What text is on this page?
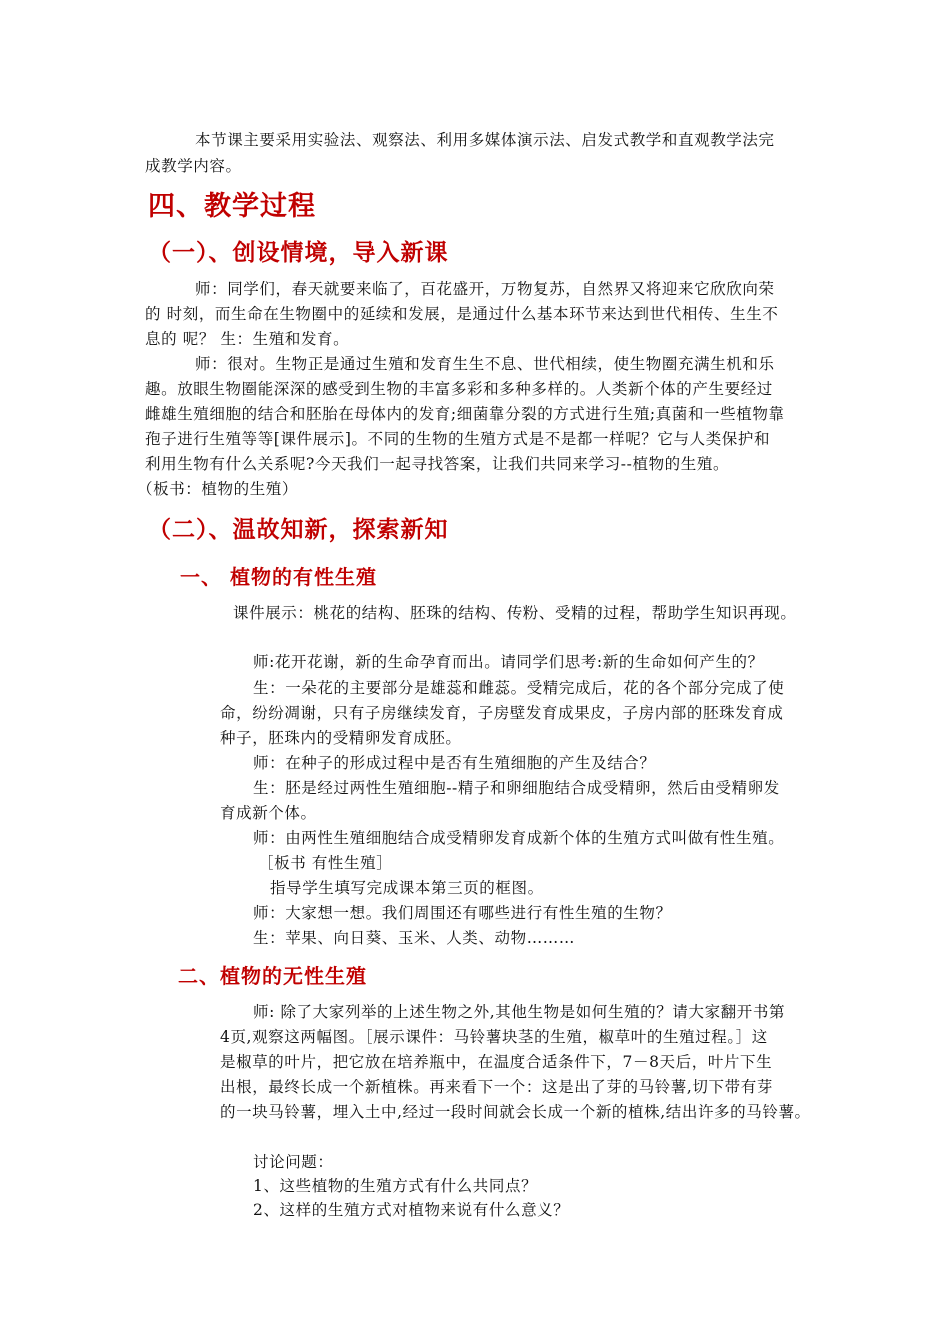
本节课主要采用实验法、观察法、利用多媒体演示法、启发式教学和直观教学法完
成教学内容。
四、教学过程
（一）、创设情境，导入新课
师：同学们，春天就要来临了，百花盛开，万物复苏，自然界又将迎来它欣欣向荣
的 时刻，而生命在生物圈中的延续和发展，是通过什么基本环节来达到世代相传、生生不
息的 呢？ 生：生殖和发育。
师：很对。生物正是通过生殖和发育生生不息、世代相续，使生物圈充满生机和乐
趣。放眼生物圈能深深的感受到生物的丰富多彩和多种多样的。人类新个体的产生要经过
雌雄生殖细胞的结合和胚胎在母体内的发育;细菌靠分裂的方式进行生殖;真菌和一些植物靠
孢子进行生殖等等[课件展示]。不同的生物的生殖方式是不是都一样呢？它与人类保护和
利用生物有什么关系呢?今天我们一起寻找答案，让我们共同来学习--植物的生殖。
（板书：植物的生殖）
（二）、温故知新，探索新知
一、 植物的有性生殖
课件展示：桃花的结构、胚珠的结构、传粉、受精的过程，帮助学生知识再现。
师:花开花谢，新的生命孕育而出。请同学们思考:新的生命如何产生的？
生：一朵花的主要部分是雄蕊和雌蕊。受精完成后，花的各个部分完成了使
命，纷纷凋谢，只有子房继续发育，子房壁发育成果皮，子房内部的胚珠发育成
种子，胚珠内的受精卵发育成胚。
师：在种子的形成过程中是否有生殖细胞的产生及结合？
生：胚是经过两性生殖细胞--精子和卵细胞结合成受精卵，然后由受精卵发
育成新个体。
师：由两性生殖细胞结合成受精卵发育成新个体的生殖方式叫做有性生殖。
［板书 有性生殖］
指导学生填写完成课本第三页的框图。
师：大家想一想。我们周围还有哪些进行有性生殖的生物？
生：苹果、向日葵、玉米、人类、动物………
二、植物的无性生殖
师: 除了大家列举的上述生物之外,其他生物是如何生殖的？请大家翻开书第
4页,观察这两幅图。［展示课件：马铃薯块茎的生殖，椒草叶的生殖过程。］这
是椒草的叶片，把它放在培养瓶中，在温度合适条件下，7－8天后，叶片下生
出根，最终长成一个新植株。再来看下一个：这是出了芽的马铃薯,切下带有芽
的一块马铃薯，埋入土中,经过一段时间就会长成一个新的植株,结出许多的马铃薯。
讨论问题：
1、这些植物的生殖方式有什么共同点？
2、这样的生殖方式对植物来说有什么意义？
